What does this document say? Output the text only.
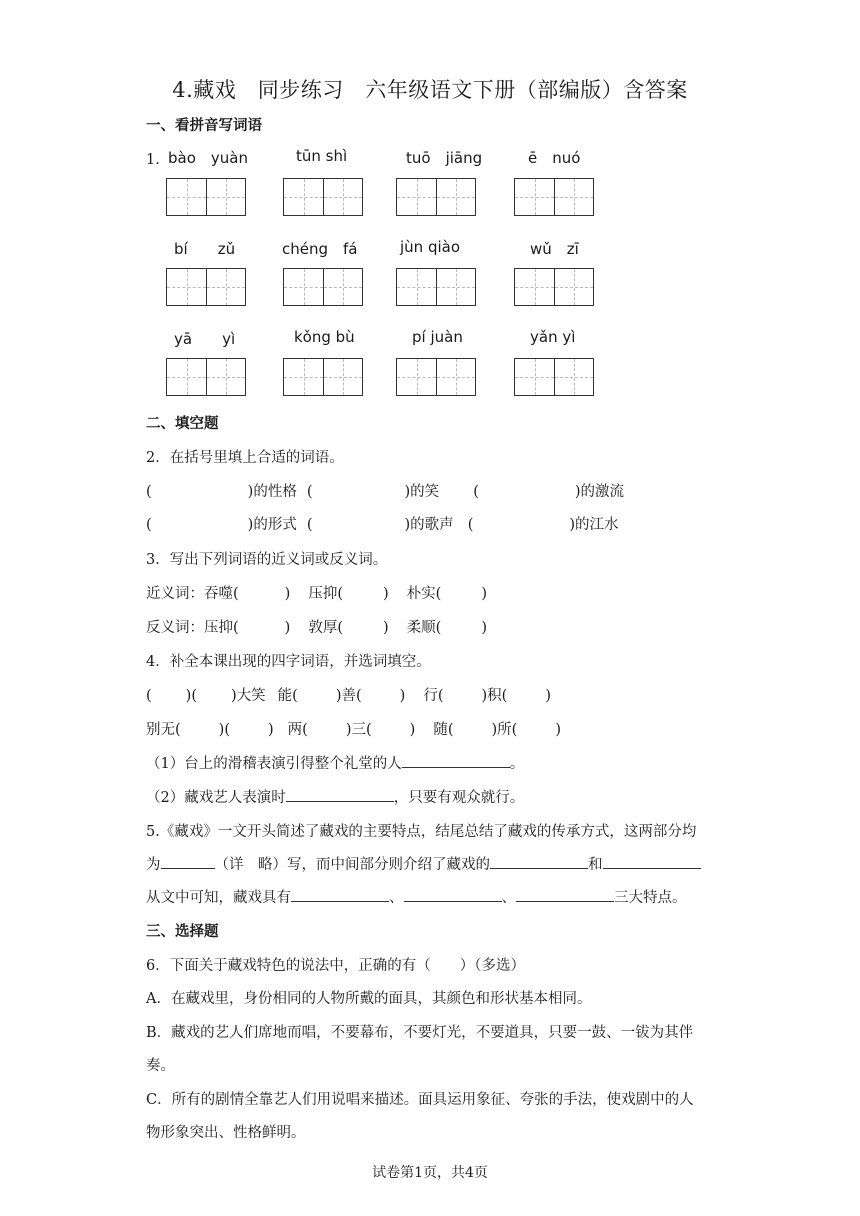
4.藏戏　同步练习　六年级语文下册（部编版）含答案
一、看拼音写词语
1．
bào　yuàn	tūn shì	tuō　jiāng	ē　nuó
bí　　zǔ	chéng　fá	jùn qiào	wǔ　zī
yā　　yì	kǒng bù	pí juàn	yǎn yì
二、填空题
2．在括号里填上合适的词语。
(	)的性格 (	)的笑 (	)的激流
(	)的形式 (	)的歌声 (	)的江水
3．写出下列词语的近义词或反义词。
近义词：吞噬(	) 压抑(	) 朴实(	)
反义词：压抑(	) 敦厚(	) 柔顺(	)
4．补全本课出现的四字词语，并选词填空。
( )( )大笑 能(	)善(	) 行(	)积(	)
别无(	)(	) 两(	)三(	) 随(	)所(	)
（1）台上的滑稽表演引得整个礼堂的人	。
（2）藏戏艺人表演时	，只要有观众就行。
5.《藏戏》一文开头简述了藏戏的主要特点，结尾总结了藏戏的传承方式，这两部分均
为	（详　略）写，而中间部分则介绍了藏戏的	和
从文中可知，藏戏具有	、	、	三大特点。
三、选择题
6．下面关于藏戏特色的说法中，正确的有（　　）（多选）
A．在藏戏里，身份相同的人物所戴的面具，其颜色和形状基本相同。
B．藏戏的艺人们席地而唱，不要幕布，不要灯光，不要道具，只要一鼓、一钹为其伴
奏。
C．所有的剧情全靠艺人们用说唱来描述。面具运用象征、夸张的手法，使戏剧中的人
物形象突出、性格鲜明。
试卷第1页，共4页
